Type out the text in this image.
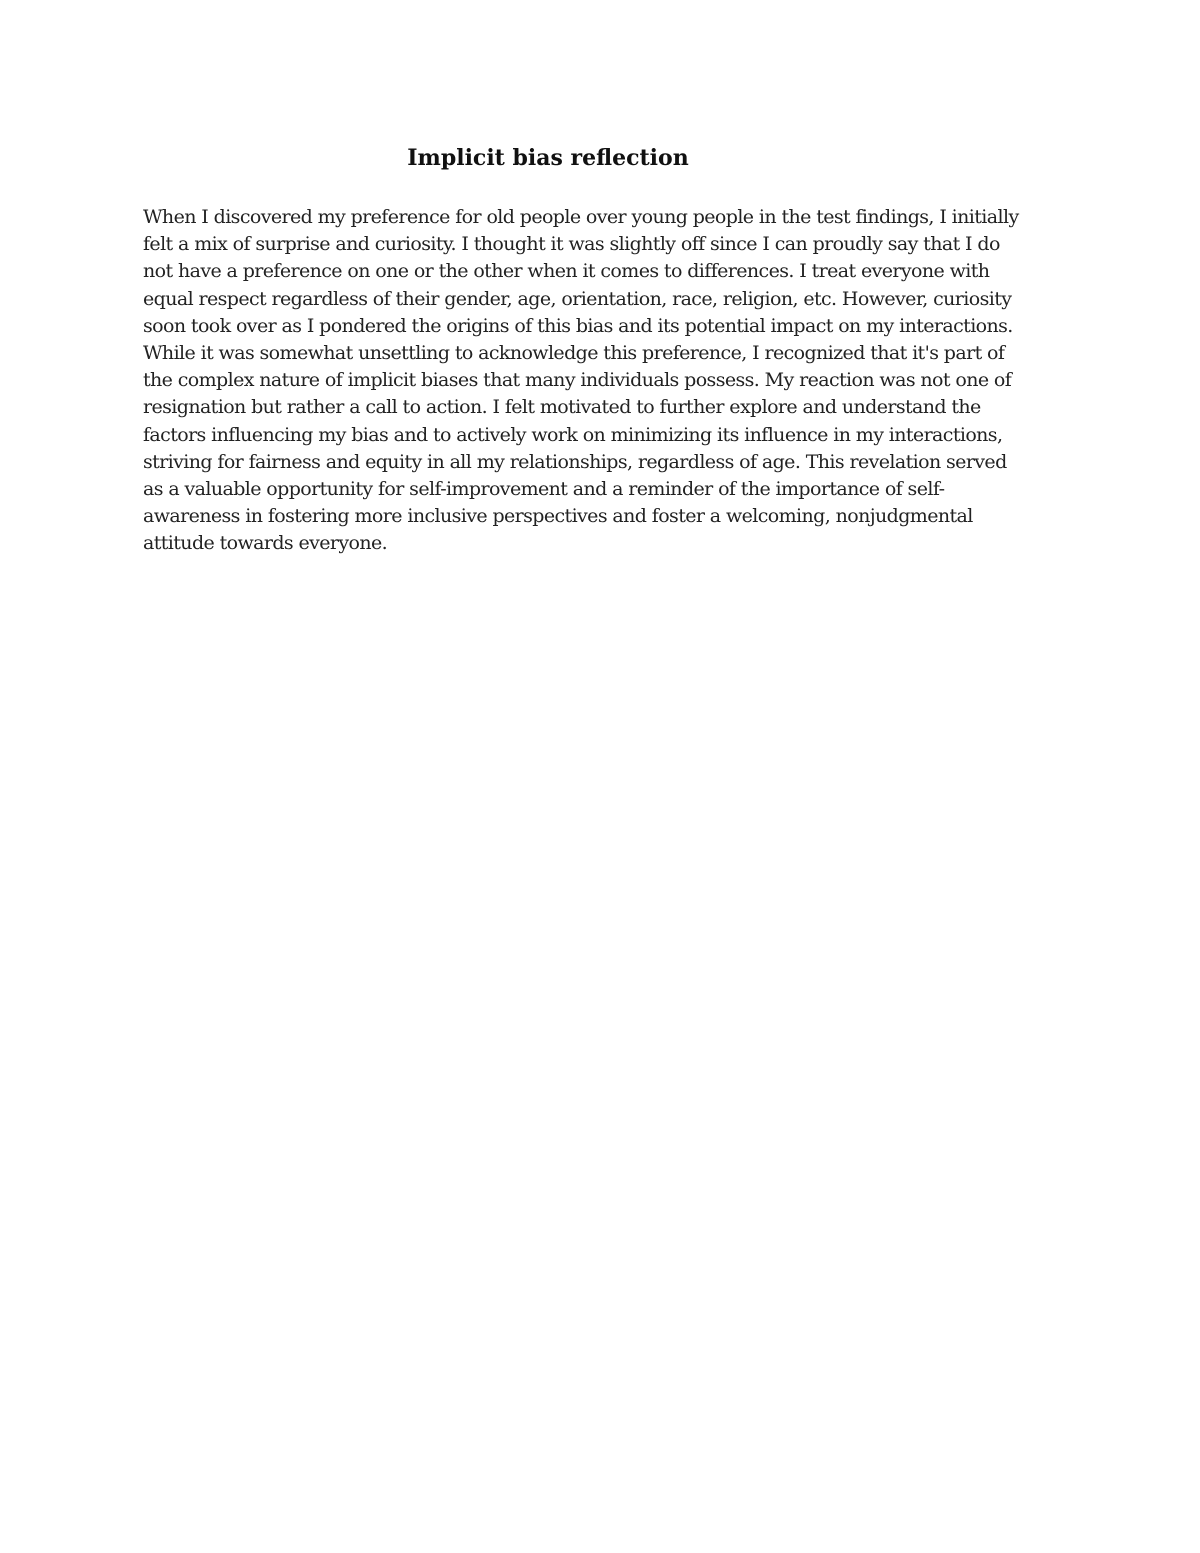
Implicit bias reflection

When I discovered my preference for old people over young people in the test findings, I initially
felt a mix of surprise and curiosity. I thought it was slightly off since I can proudly say that I do
not have a preference on one or the other when it comes to differences. I treat everyone with
equal respect regardless of their gender, age, orientation, race, religion, etc. However, curiosity
soon took over as I pondered the origins of this bias and its potential impact on my interactions.
While it was somewhat unsettling to acknowledge this preference, I recognized that it's part of
the complex nature of implicit biases that many individuals possess. My reaction was not one of
resignation but rather a call to action. I felt motivated to further explore and understand the
factors influencing my bias and to actively work on minimizing its influence in my interactions,
striving for fairness and equity in all my relationships, regardless of age. This revelation served
as a valuable opportunity for self-improvement and a reminder of the importance of self-
awareness in fostering more inclusive perspectives and foster a welcoming, nonjudgmental
attitude towards everyone.
